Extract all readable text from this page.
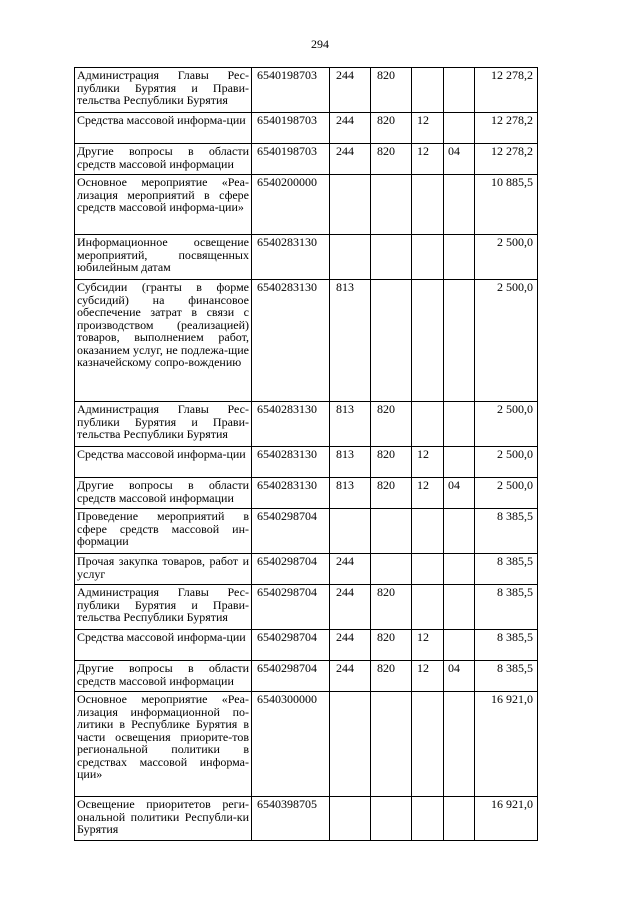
294
Администрация Главы Рес-публики Бурятия и Прави-тельства Республики Бурятия	6540198703	244	820			12 278,2
Средства массовой информа-ции	6540198703	244	820	12		12 278,2
Другие вопросы в области средств массовой информации	6540198703	244	820	12	04	12 278,2
Основное мероприятие «Реа-лизация мероприятий в сфере средств массовой информа-ции»	6540200000					10 885,5
Информационное освещение мероприятий, посвященных юбилейным датам	6540283130					2 500,0
Субсидии (гранты в форме субсидий) на финансовое обеспечение затрат в связи с производством (реализацией) товаров, выполнением работ, оказанием услуг, не подлежа-щие казначейскому сопро-вождению	6540283130	813				2 500,0
Администрация Главы Рес-публики Бурятия и Прави-тельства Республики Бурятия	6540283130	813	820			2 500,0
Средства массовой информа-ции	6540283130	813	820	12		2 500,0
Другие вопросы в области средств массовой информации	6540283130	813	820	12	04	2 500,0
Проведение мероприятий в сфере средств массовой ин-формации	6540298704					8 385,5
Прочая закупка товаров, работ и услуг	6540298704	244				8 385,5
Администрация Главы Рес-публики Бурятия и Прави-тельства Республики Бурятия	6540298704	244	820			8 385,5
Средства массовой информа-ции	6540298704	244	820	12		8 385,5
Другие вопросы в области средств массовой информации	6540298704	244	820	12	04	8 385,5
Основное мероприятие «Реа-лизация информационной по-литики в Республике Бурятия в части освещения приорите-тов региональной политики в средствах массовой информа-ции»	6540300000					16 921,0
Освещение приоритетов реги-ональной политики Республи-ки Бурятия	6540398705					16 921,0
